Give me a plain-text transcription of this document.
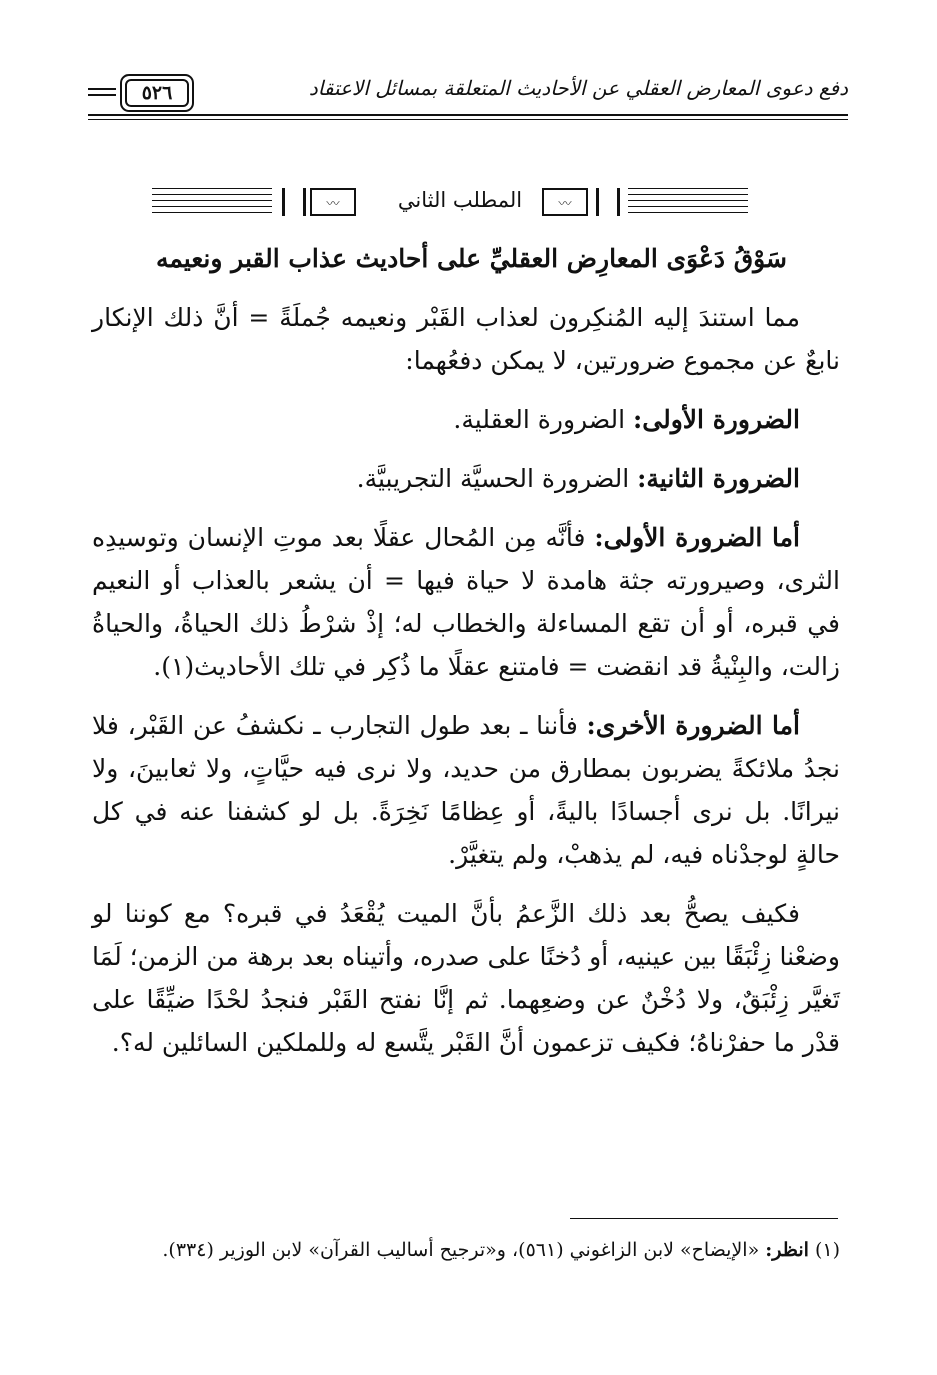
دفع دعوى المعارض العقلي عن الأحاديث المتعلقة بمسائل الاعتقاد
٥٢٦
〰	المطلب الثاني	〰
سَوْقُ دَعْوَى المعارِض العقليِّ على أحاديث عذاب القبر ونعيمه

مما استندَ إليه المُنكِرون لعذاب القَبْر ونعيمه جُملَةً = أنَّ ذلك الإنكار نابعٌ عن مجموع ضرورتين، لا يمكن دفعُهما:

الضرورة الأولى: الضرورة العقلية.

الضرورة الثانية: الضرورة الحسيَّة التجريبيَّة.

أما الضرورة الأولى: فأنَّه مِن المُحال عقلًا بعد موتِ الإنسان وتوسيدِه الثرى، وصيرورته جثة هامدة لا حياة فيها = أن يشعر بالعذاب أو النعيم في قبره، أو أن تقع المساءلة والخطاب له؛ إذْ شرْطُ ذلك الحياةُ، والحياةُ زالت، والبِنْيةُ قد انقضت = فامتنع عقلًا ما ذُكِر في تلك الأحاديث(١).

أما الضرورة الأخرى: فأننا ـ بعد طول التجارب ـ نكشفُ عن القَبْر، فلا نجدُ ملائكةً يضربون بمطارق من حديد، ولا نرى فيه حيَّاتٍ، ولا ثعابينَ، ولا نيرانًا. بل نرى أجسادًا باليةً، أو عِظامًا نَخِرَةً. بل لو كشفنا عنه في كل حالةٍ لوجدْناه فيه، لم يذهبْ، ولم يتغيَّرْ.

فكيف يصحُّ بعد ذلك الزَّعمُ بأنَّ الميت يُقْعَدُ في قبره؟ مع كوننا لو وضعْنا زِئْبَقًا بين عينيه، أو دُخنًا على صدره، وأتيناه بعد برهة من الزمن؛ لَمَا تَغيَّر زِئْبَقٌ، ولا دُخْنٌ عن وضعِهما. ثم إنَّا نفتح القَبْر فنجدُ لحْدًا ضيِّقًا على قدْر ما حفرْناهُ؛ فكيف تزعمون أنَّ القَبْر يتَّسع له وللملكين السائلين له؟.

(١) انظر: «الإيضاح» لابن الزاغوني (٥٦١)، و«ترجيح أساليب القرآن» لابن الوزير (٣٣٤).
